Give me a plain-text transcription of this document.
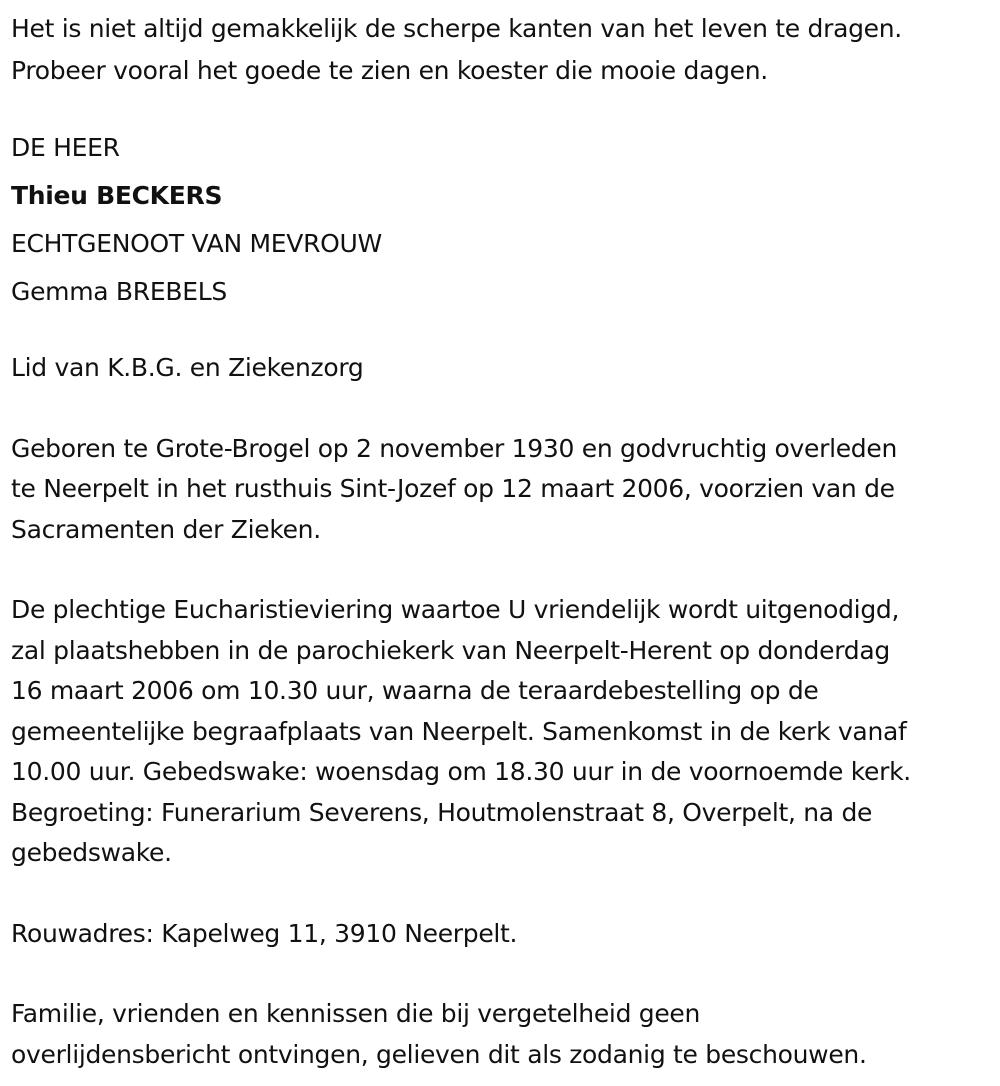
Het is niet altijd gemakkelijk de scherpe kanten van het leven te dragen.

Probeer vooral het goede te zien en koester die mooie dagen.

DE HEER

Thieu BECKERS

ECHTGENOOT VAN MEVROUW

Gemma BREBELS

Lid van K.B.G. en Ziekenzorg

Geboren te Grote-Brogel op 2 november 1930 en godvruchtig overleden

te Neerpelt in het rusthuis Sint-Jozef op 12 maart 2006, voorzien van de

Sacramenten der Zieken.

De plechtige Eucharistieviering waartoe U vriendelijk wordt uitgenodigd,

zal plaatshebben in de parochiekerk van Neerpelt-Herent op donderdag

16 maart 2006 om 10.30 uur, waarna de teraardebestelling op de

gemeentelijke begraafplaats van Neerpelt. Samenkomst in de kerk vanaf

10.00 uur. Gebedswake: woensdag om 18.30 uur in de voornoemde kerk.

Begroeting: Funerarium Severens, Houtmolenstraat 8, Overpelt, na de

gebedswake.

Rouwadres: Kapelweg 11, 3910 Neerpelt.

Familie, vrienden en kennissen die bij vergetelheid geen

overlijdensbericht ontvingen, gelieven dit als zodanig te beschouwen.
